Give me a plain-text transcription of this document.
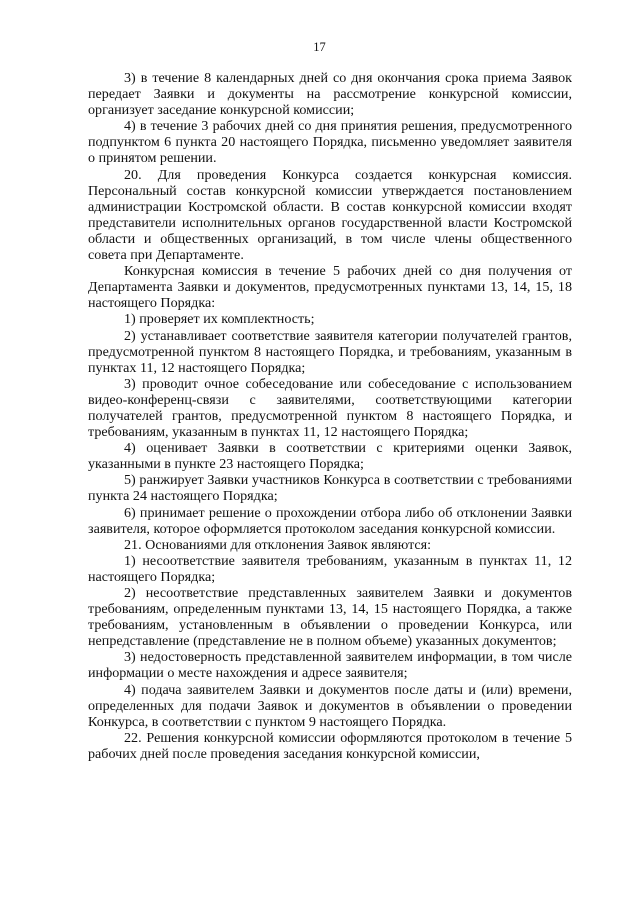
17

3) в течение 8 календарных дней со дня окончания срока приема Заявок передает Заявки и документы на рассмотрение конкурсной комиссии, организует заседание конкурсной комиссии;

4) в течение 3 рабочих дней со дня принятия решения, предусмотренного подпунктом 6 пункта 20 настоящего Порядка, письменно уведомляет заявителя о принятом решении.

20. Для проведения Конкурса создается конкурсная комиссия. Персональный состав конкурсной комиссии утверждается постановлением администрации Костромской области. В состав конкурсной комиссии входят представители исполнительных органов государственной власти Костромской области и общественных организаций, в том числе члены общественного совета при Департаменте.

Конкурсная комиссия в течение 5 рабочих дней со дня получения от Департамента Заявки и документов, предусмотренных пунктами 13, 14, 15, 18 настоящего Порядка:

1) проверяет их комплектность;

2) устанавливает соответствие заявителя категории получателей грантов, предусмотренной пунктом 8 настоящего Порядка, и требованиям, указанным в пунктах 11, 12 настоящего Порядка;

3) проводит очное собеседование или собеседование с использованием видео-конференц-связи с заявителями, соответствующими категории получателей грантов, предусмотренной пунктом 8 настоящего Порядка, и требованиям, указанным в пунктах 11, 12 настоящего Порядка;

4) оценивает Заявки в соответствии с критериями оценки Заявок, указанными в пункте 23 настоящего Порядка;

5) ранжирует Заявки участников Конкурса в соответствии с требованиями пункта 24 настоящего Порядка;

6) принимает решение о прохождении отбора либо об отклонении Заявки заявителя, которое оформляется протоколом заседания конкурсной комиссии.

21. Основаниями для отклонения Заявок являются:

1) несоответствие заявителя требованиям, указанным в пунктах 11, 12 настоящего Порядка;

2) несоответствие представленных заявителем Заявки и документов требованиям, определенным пунктами 13, 14, 15 настоящего Порядка, а также требованиям, установленным в объявлении о проведении Конкурса, или непредставление (представление не в полном объеме) указанных документов;

3) недостоверность представленной заявителем информации, в том числе информации о месте нахождения и адресе заявителя;

4) подача заявителем Заявки и документов после даты и (или) времени, определенных для подачи Заявок и документов в объявлении о проведении Конкурса, в соответствии с пунктом 9 настоящего Порядка.

22. Решения конкурсной комиссии оформляются протоколом в течение 5 рабочих дней после проведения заседания конкурсной комиссии,
